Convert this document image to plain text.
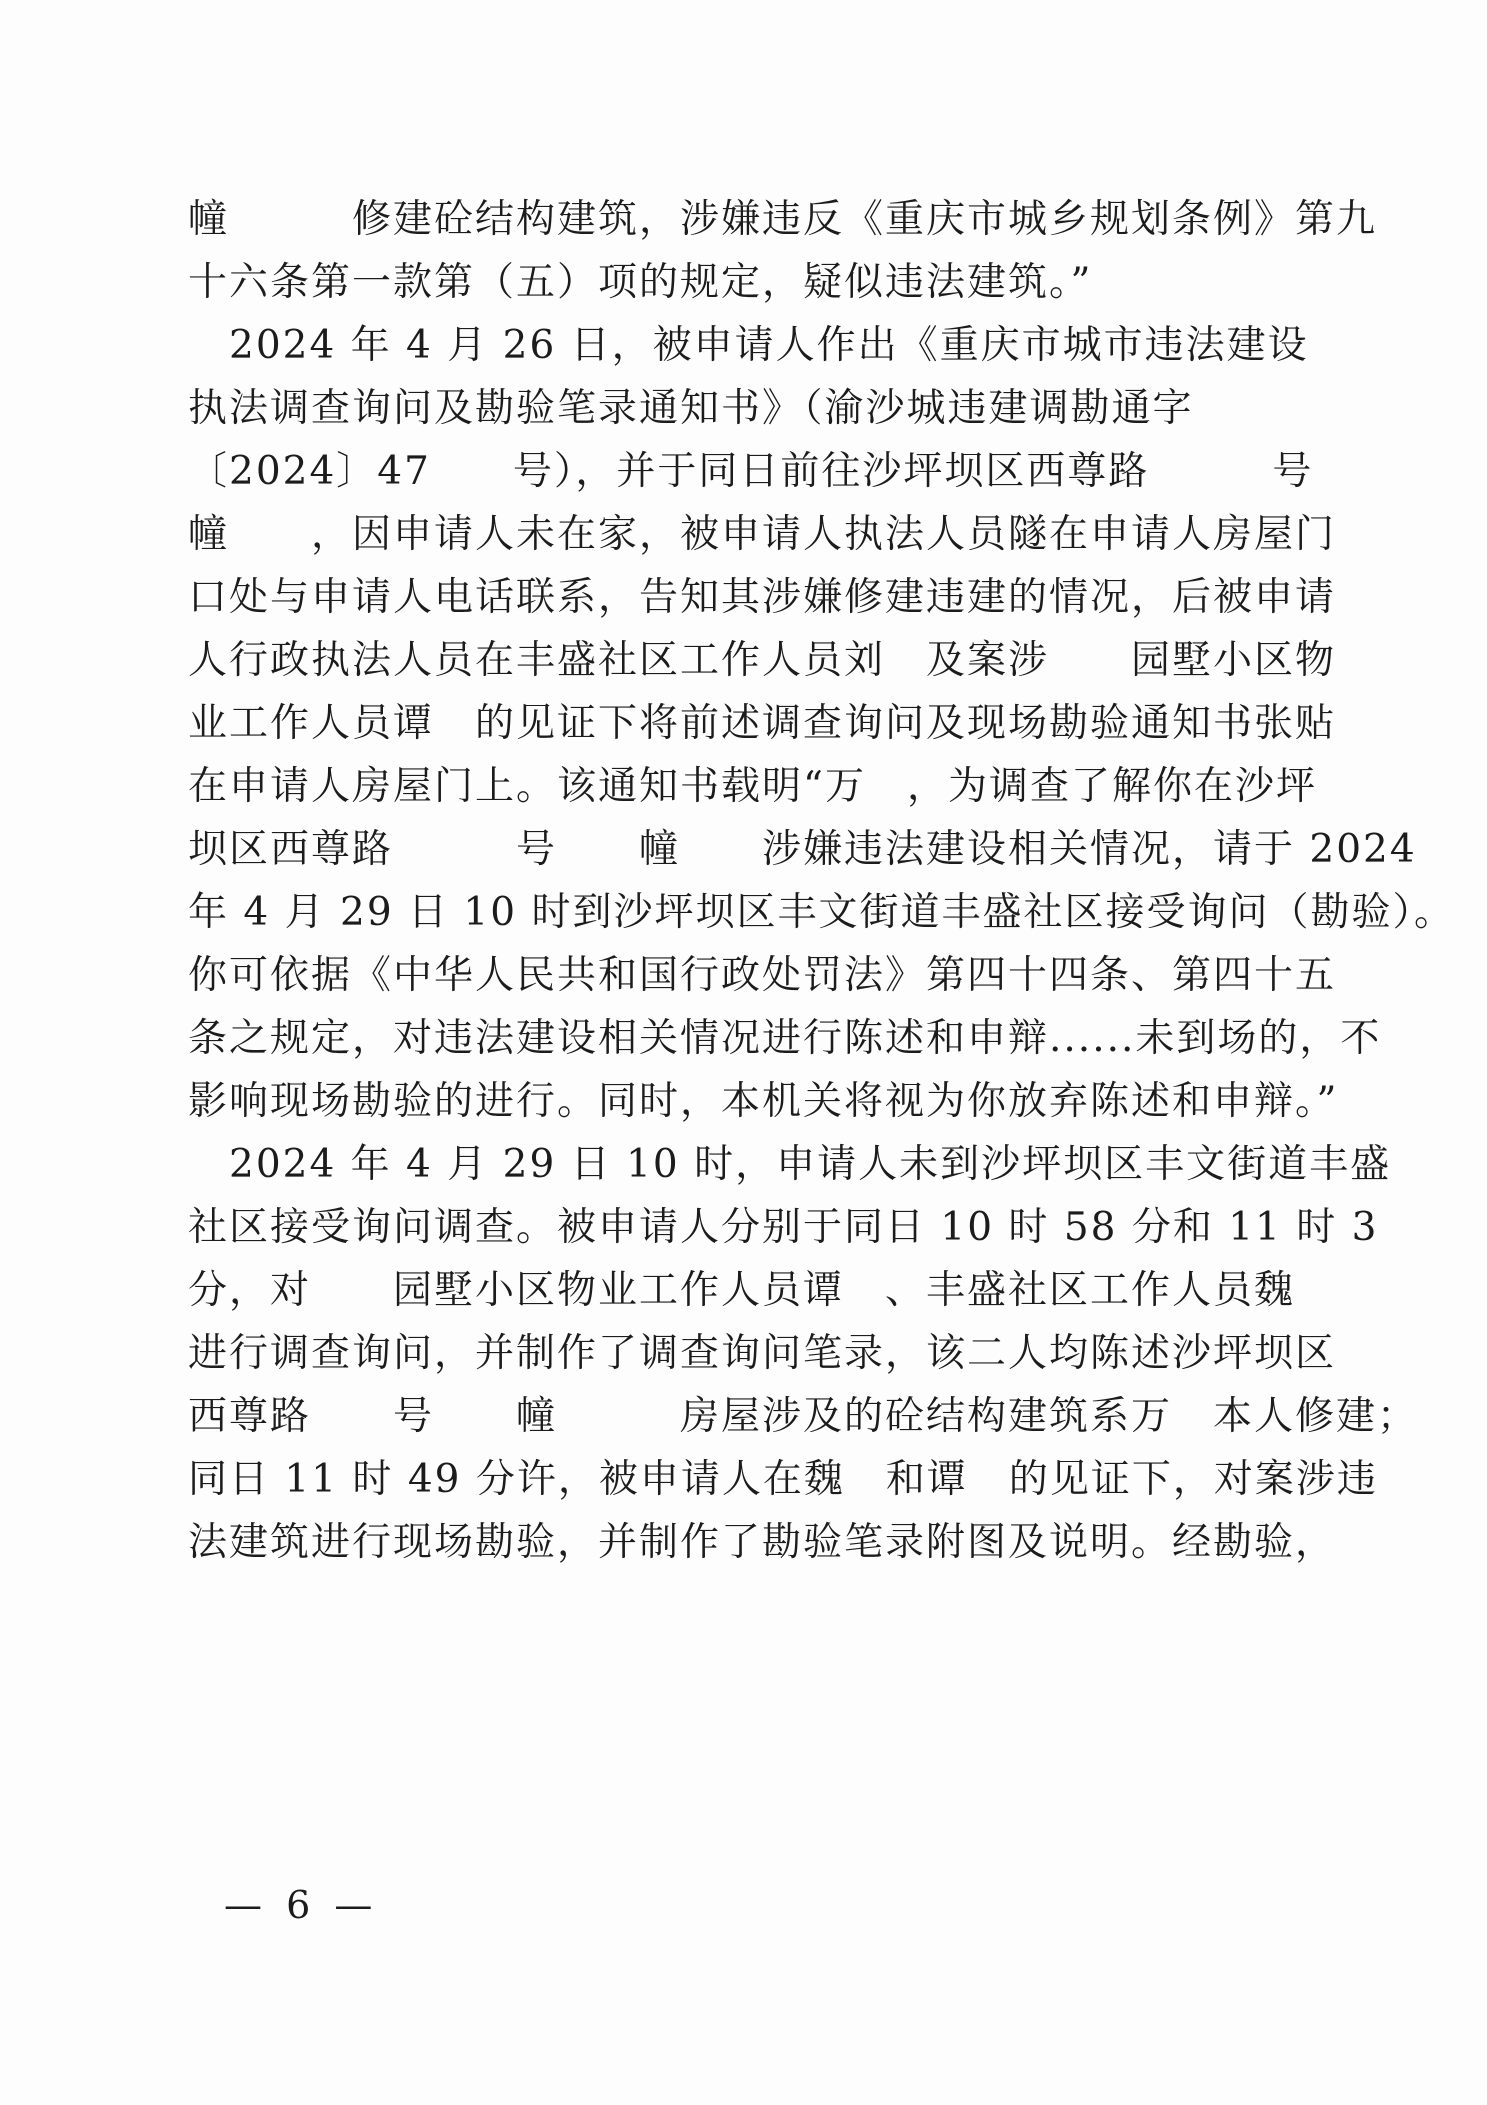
幢　　　修建砼结构建筑，涉嫌违反《重庆市城乡规划条例》第九
十六条第一款第（五）项的规定，疑似违法建筑。”
　2024 年 4 月 26 日，被申请人作出《重庆市城市违法建设
执法调查询问及勘验笔录通知书》（渝沙城违建调勘通字
〔2024〕47　　号），并于同日前往沙坪坝区西尊路　　　号
幢　　，因申请人未在家，被申请人执法人员隧在申请人房屋门
口处与申请人电话联系，告知其涉嫌修建违建的情况，后被申请
人行政执法人员在丰盛社区工作人员刘　及案涉　　园墅小区物
业工作人员谭　的见证下将前述调查询问及现场勘验通知书张贴
在申请人房屋门上。该通知书载明“万　，为调查了解你在沙坪
坝区西尊路　　　号　　幢　　涉嫌违法建设相关情况，请于 2024
年 4 月 29 日 10 时到沙坪坝区丰文街道丰盛社区接受询问（勘验）。
你可依据《中华人民共和国行政处罚法》第四十四条、第四十五
条之规定，对违法建设相关情况进行陈述和申辩......未到场的，不
影响现场勘验的进行。同时，本机关将视为你放弃陈述和申辩。”
　2024 年 4 月 29 日 10 时，申请人未到沙坪坝区丰文街道丰盛
社区接受询问调查。被申请人分别于同日 10 时 58 分和 11 时 3
分，对　　园墅小区物业工作人员谭　、丰盛社区工作人员魏
进行调查询问，并制作了调查询问笔录，该二人均陈述沙坪坝区
西尊路　　号　　幢　　　房屋涉及的砼结构建筑系万　本人修建；
同日 11 时 49 分许，被申请人在魏　和谭　的见证下，对案涉违
法建筑进行现场勘验，并制作了勘验笔录附图及说明。经勘验，
— 6 —
